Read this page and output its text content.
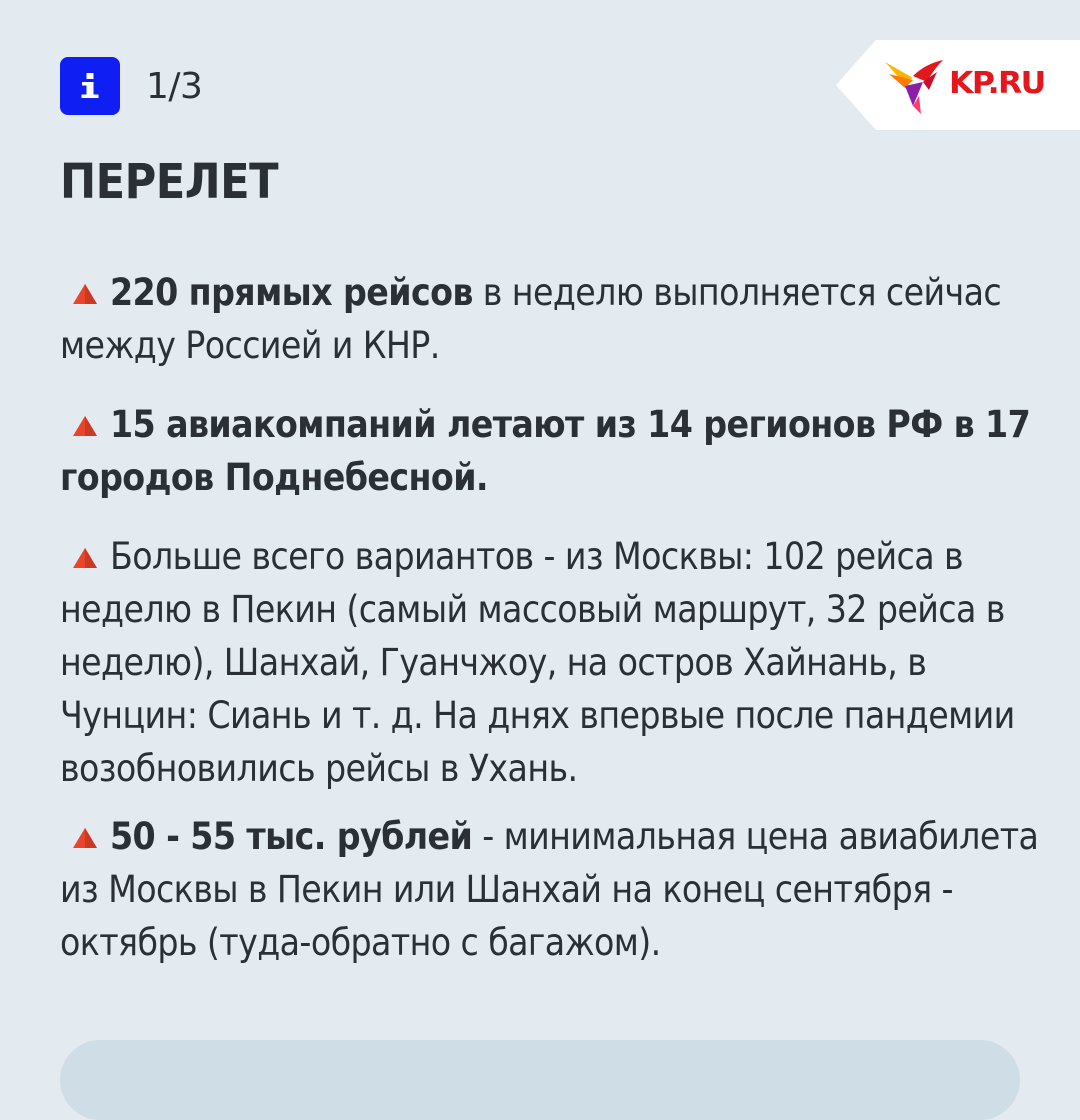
1/3	KP.RU
ПЕРЕЛЕТ

220 прямых рейсов в неделю выполняется сейчас между Россией и КНР.

15 авиакомпаний летают из 14 регионов РФ в 17 городов Поднебесной.

Больше всего вариантов - из Москвы: 102 рейса в неделю в Пекин (самый массовый маршрут, 32 рейса в неделю), Шанхай, Гуанчжоу, на остров Хайнань, в Чунцин: Сиань и т. д. На днях впервые после пандемии возобновились рейсы в Ухань.

50 - 55 тыс. рублей - минимальная цена авиабилета из Москвы в Пекин или Шанхай на конец сентября - октябрь (туда-обратно с багажом).
